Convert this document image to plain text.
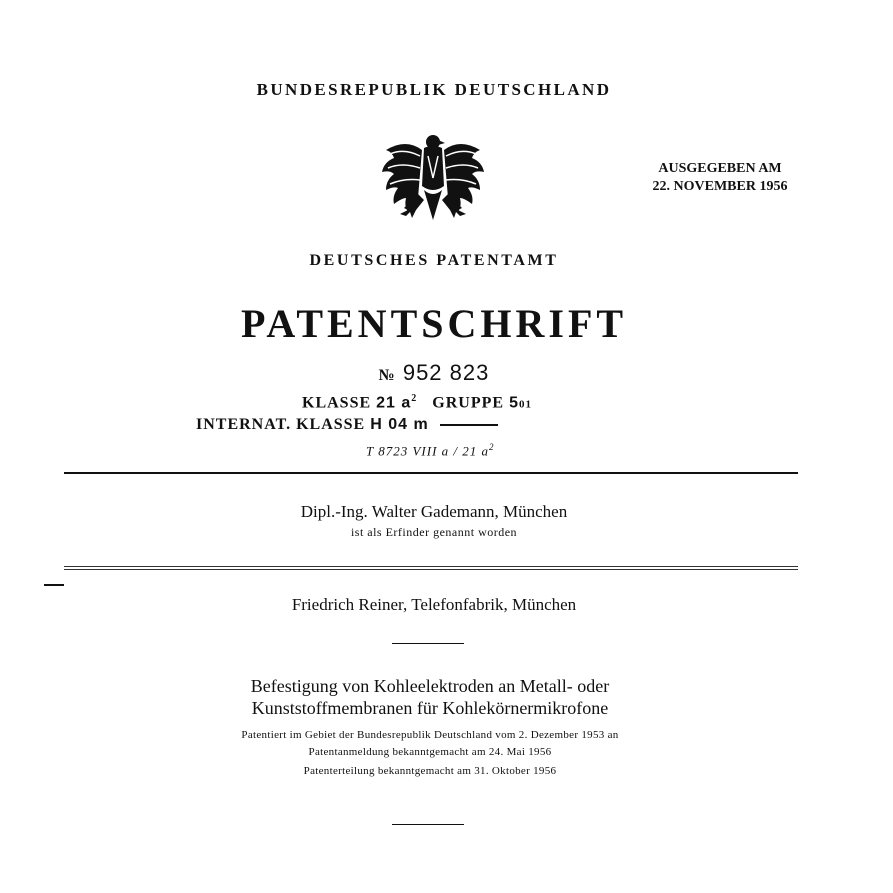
BUNDESREPUBLIK DEUTSCHLAND
AUSGEGEBEN AM
22. NOVEMBER 1956
DEUTSCHES PATENTAMT
PATENTSCHRIFT
№ 952 823
KLASSE 21 $a^2$ GRUPPE 501
INTERNAT. KLASSE H 04 m
T 8723 VIII a / 21 $a^2$
Dipl.-Ing. Walter Gademann, München
ist als Erfinder genannt worden
Friedrich Reiner, Telefonfabrik, München
Befestigung von Kohleelektroden an Metall- oder
Kunststoffmembranen für Kohlekörnermikrofone
Patentiert im Gebiet der Bundesrepublik Deutschland vom 2. Dezember 1953 an
Patentanmeldung bekanntgemacht am 24. Mai 1956
Patenterteilung bekanntgemacht am 31. Oktober 1956
